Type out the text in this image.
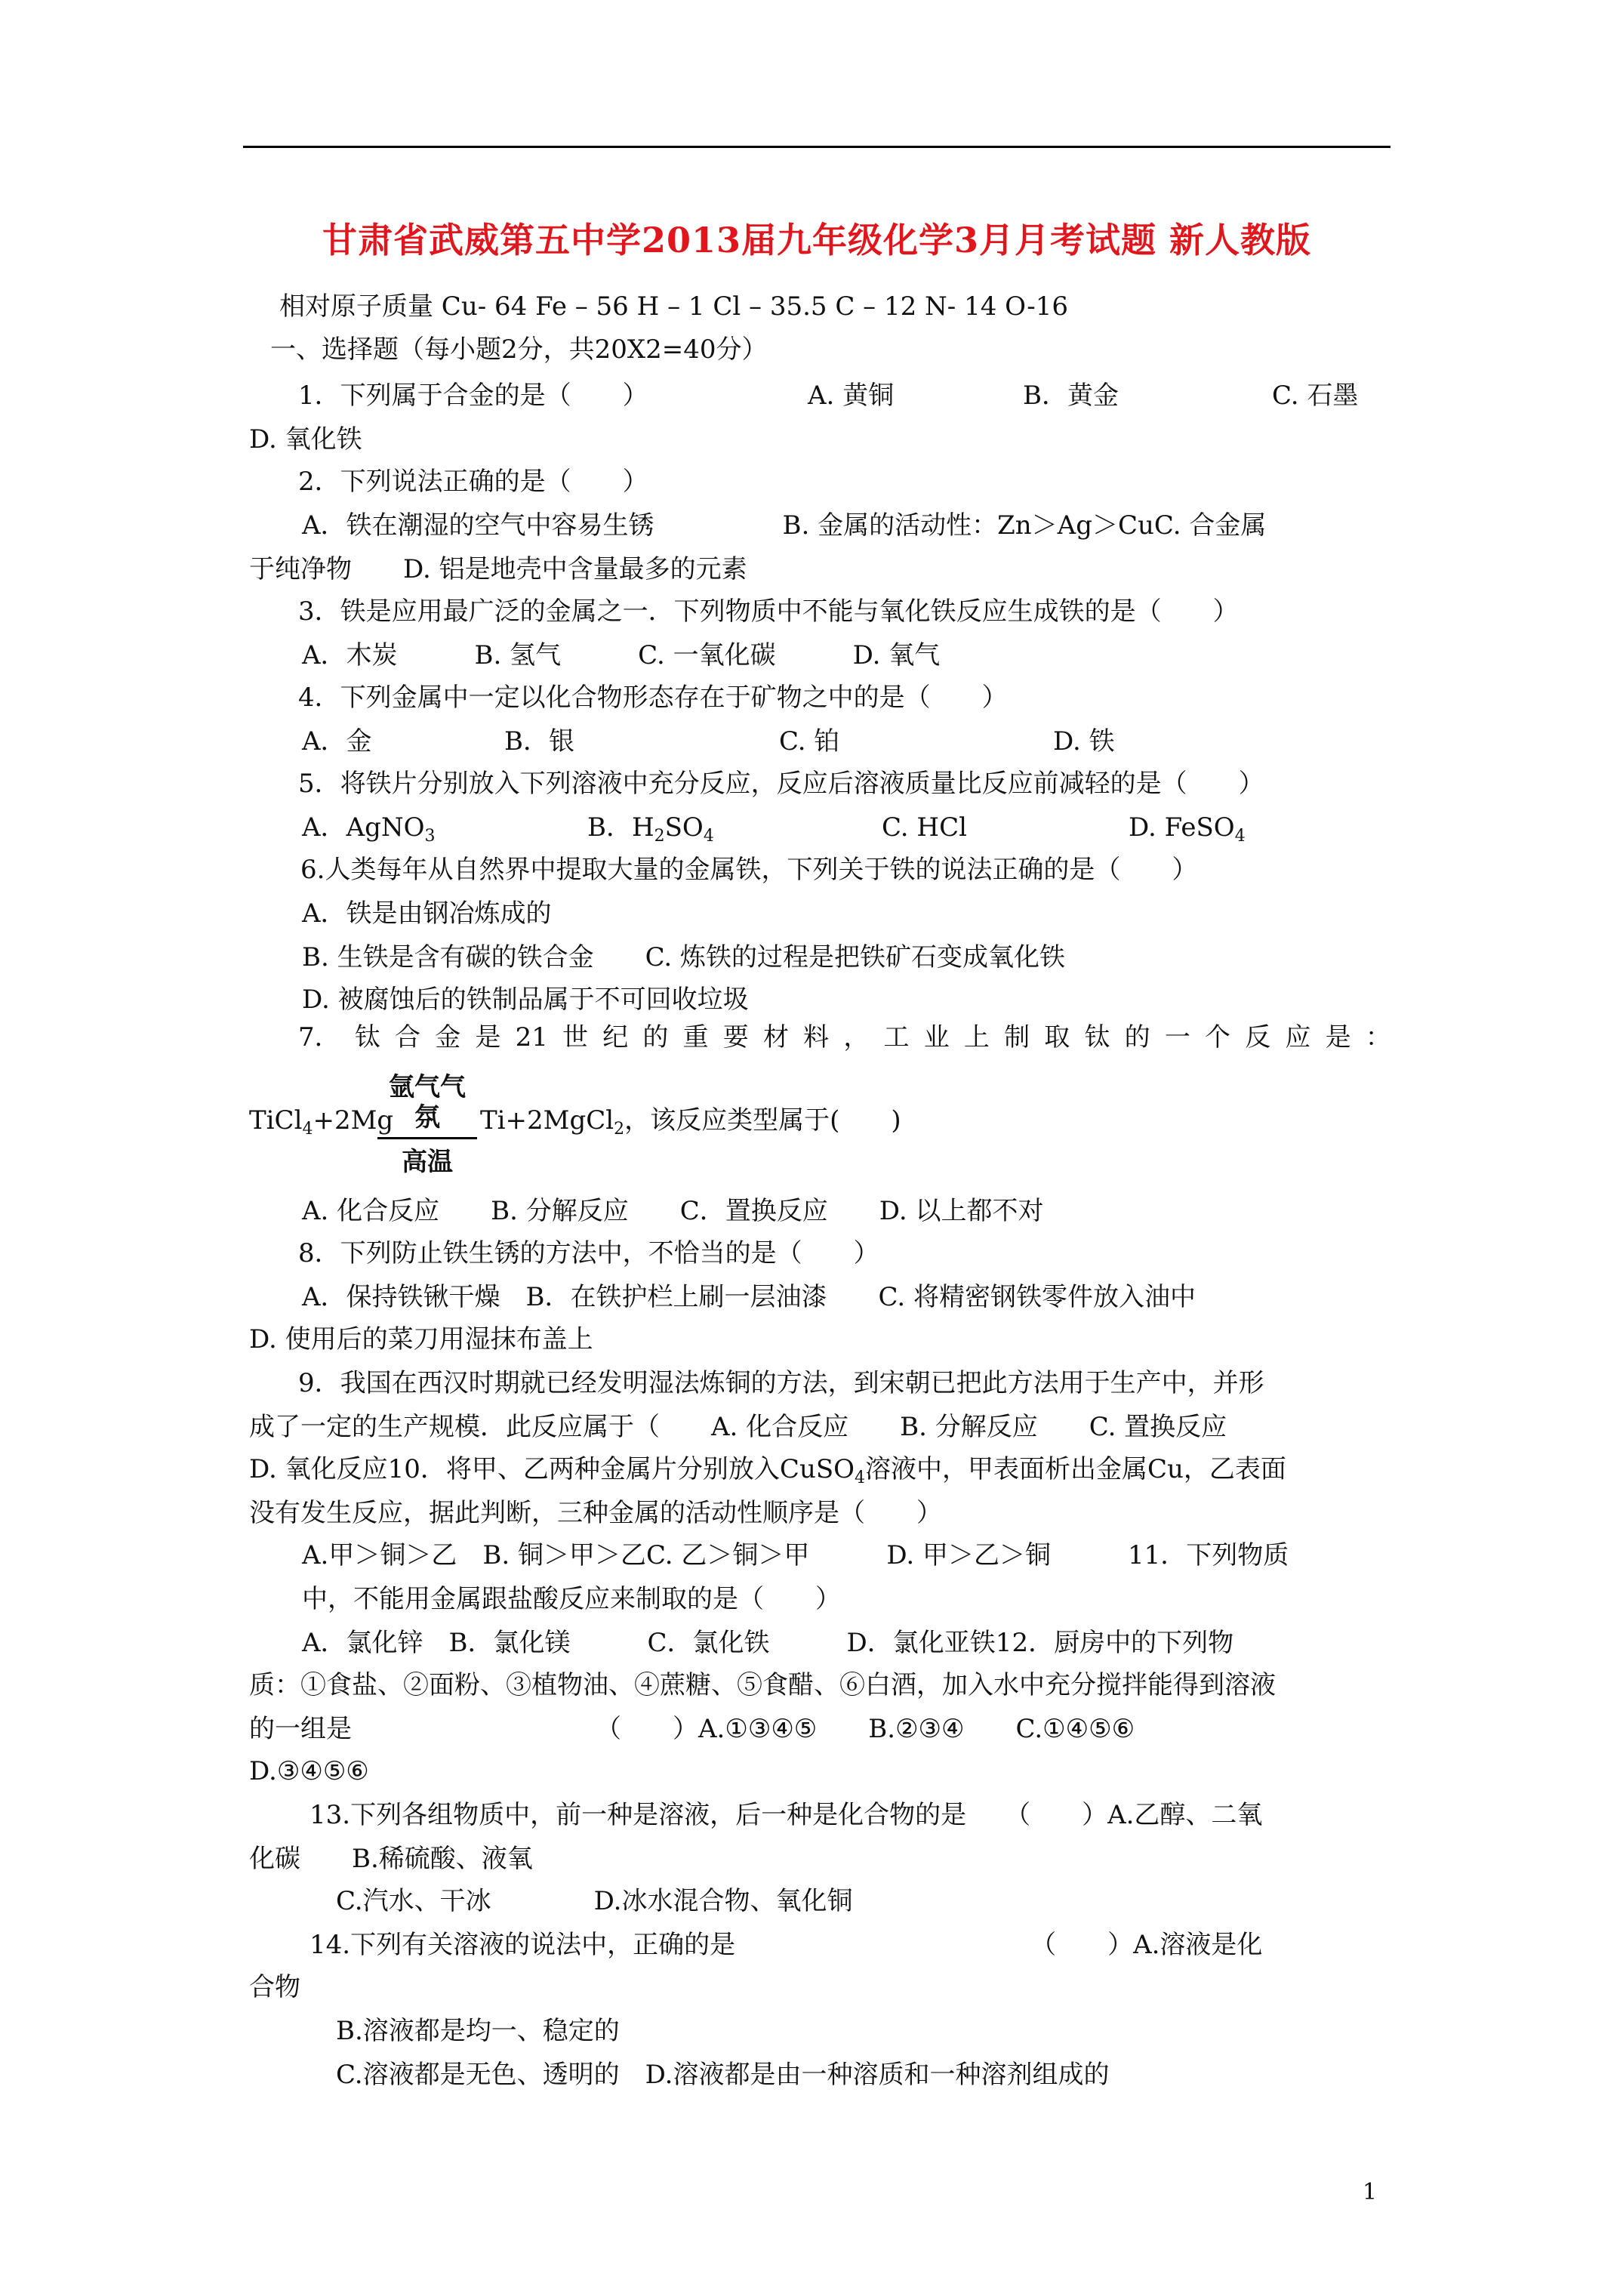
甘肃省武威第五中学2013届九年级化学3月月考试题 新人教版
相对原子质量 Cu- 64 Fe – 56 H – 1 Cl – 35.5 C – 12 N- 14 O-16
一、选择题（每小题2分，共20X2=40分）
1．下列属于合金的是（　　）	A. 黄铜	B．黄金	C. 石墨
D. 氧化铁
2．下列说法正确的是（　　）
A．铁在潮湿的空气中容易生锈　　　　　B. 金属的活动性：Zn＞Ag＞CuC. 合金属
于纯净物　　D. 铝是地壳中含量最多的元素
3．铁是应用最广泛的金属之一．下列物质中不能与氧化铁反应生成铁的是（　　）
A．木炭　　　B. 氢气　　　C. 一氧化碳　　　D. 氧气
4．下列金属中一定以化合物形态存在于矿物之中的是（　　）
A．金	B．银	C. 铂	D. 铁
5．将铁片分别放入下列溶液中充分反应，反应后溶液质量比反应前减轻的是（　　）
A．AgNO$_3$	B．$H_2SO_4$	C. HCl	D. FeSO$_4$
6.人类每年从自然界中提取大量的金属铁，下列关于铁的说法正确的是（　　）
A．铁是由钢冶炼成的
B. 生铁是含有碳的铁合金　　C. 炼铁的过程是把铁矿石变成氧化铁
D. 被腐蚀后的铁制品属于不可回收垃圾
7． 钛 合 金 是 21 世 纪 的 重 要 材 料 ， 工 业 上 制 取 钛 的 一 个 反 应 是 ：
TiCl$_4$+2Mg
氩气气氛
高温
Ti+2MgCl$_2$，该反应类型属于(　　)
A. 化合反应　　B. 分解反应　　C．置换反应　　D. 以上都不对
8．下列防止铁生锈的方法中，不恰当的是（　　）
A．保持铁锹干燥　B．在铁护栏上刷一层油漆　　C. 将精密钢铁零件放入油中
D. 使用后的菜刀用湿抹布盖上
9．我国在西汉时期就已经发明湿法炼铜的方法，到宋朝已把此方法用于生产中，并形
成了一定的生产规模．此反应属于（　　A. 化合反应　　B. 分解反应　　C. 置换反应
D. 氧化反应10．将甲、乙两种金属片分别放入CuSO$_4$溶液中，甲表面析出金属Cu，乙表面
没有发生反应，据此判断，三种金属的活动性顺序是（　　）
A.甲＞铜＞乙　B. 铜＞甲＞乙C. 乙＞铜＞甲　　　D. 甲＞乙＞铜　　　11．下列物质
中，不能用金属跟盐酸反应来制取的是（　　）
A．氯化锌　B．氯化镁　　　C．氯化铁　　　D．氯化亚铁12．厨房中的下列物
质：①食盐、②面粉、③植物油、④蔗糖、⑤食醋、⑥白酒，加入水中充分搅拌能得到溶液
的一组是　　　　　　　　　　（　　）A.①③④⑤　　B.②③④　　C.①④⑤⑥
D.③④⑤⑥
13.下列各组物质中，前一种是溶液，后一种是化合物的是　　（　　）A.乙醇、二氧
化碳　　B.稀硫酸、液氧
C.汽水、干冰　　　　D.冰水混合物、氧化铜
14.下列有关溶液的说法中，正确的是　　　　　　　　　　　　（　　）A.溶液是化
合物
B.溶液都是均一、稳定的
C.溶液都是无色、透明的　D.溶液都是由一种溶质和一种溶剂组成的
1
